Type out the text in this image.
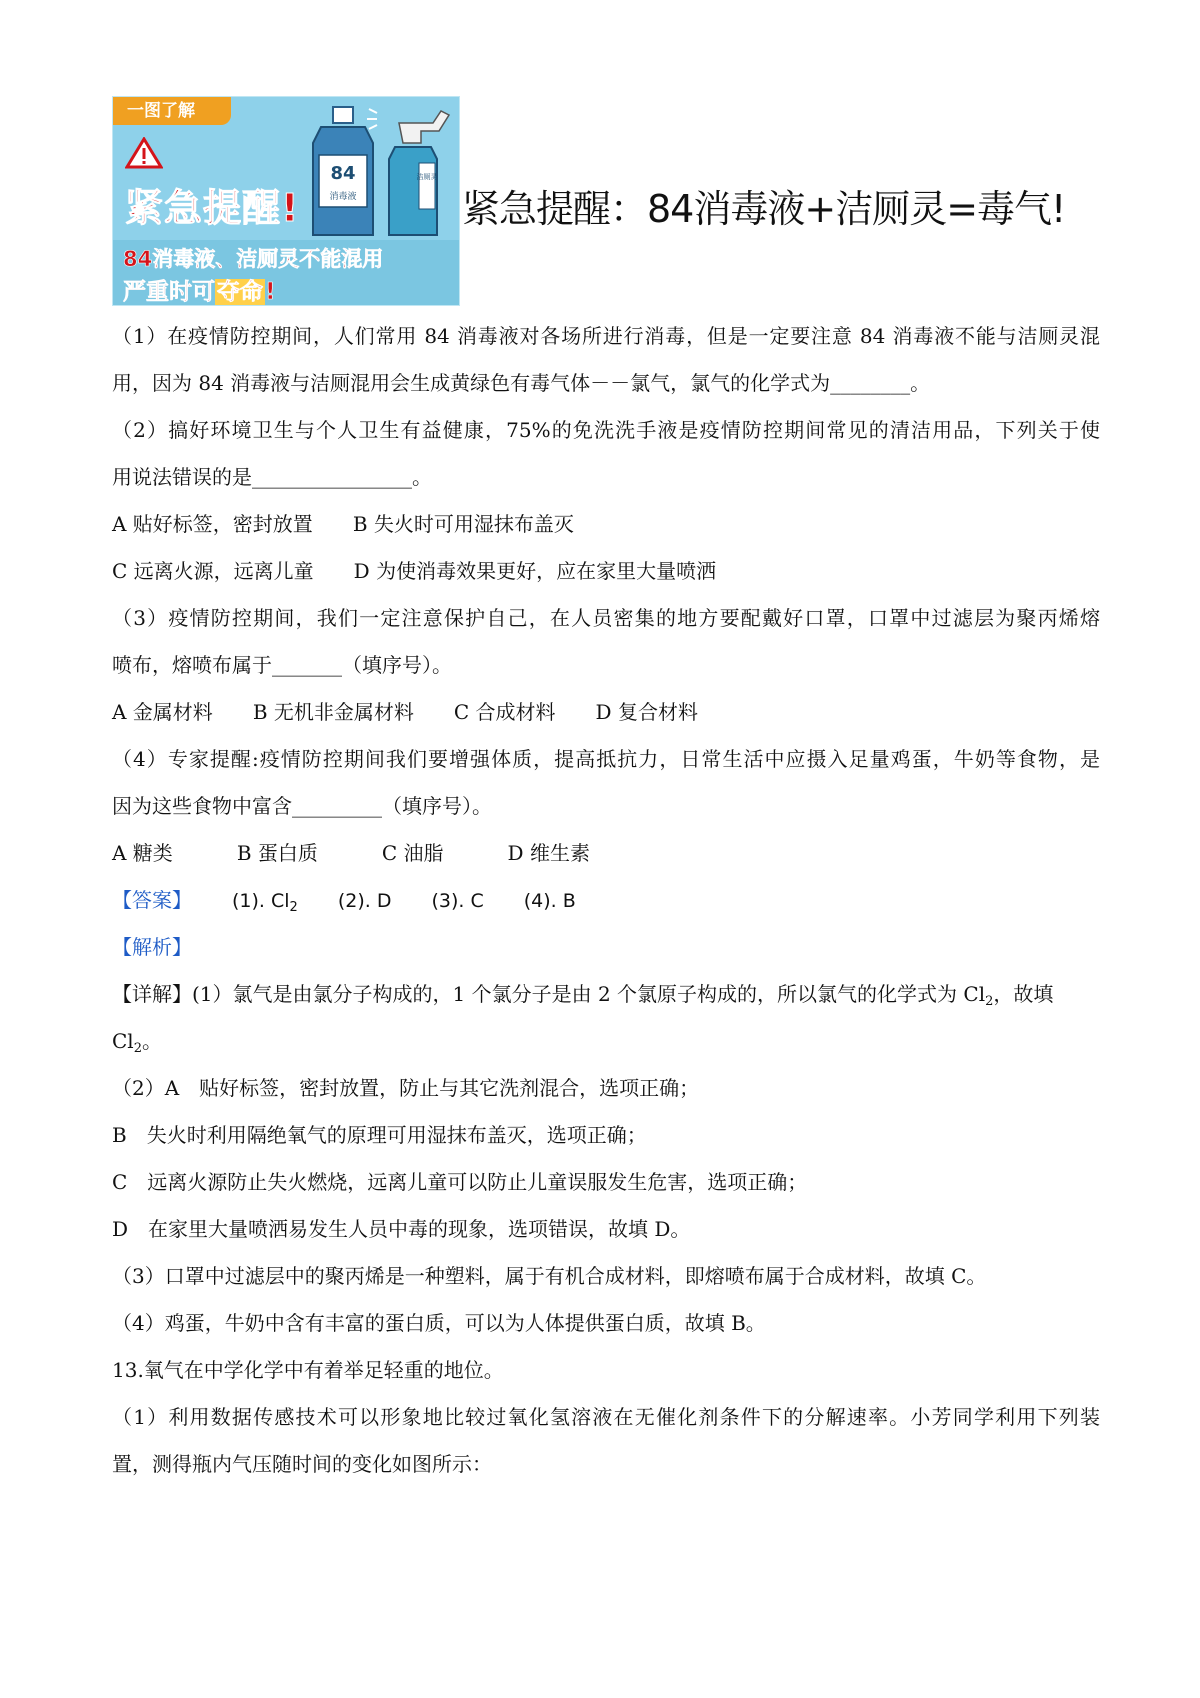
一图了解
紧急提醒!
84
消毒液
洁厕灵
84消毒液、洁厕灵不能混用
严重时可夺命!
紧急提醒：84消毒液+洁厕灵=毒气!
（1）在疫情防控期间，人们常用 84 消毒液对各场所进行消毒，但是一定要注意 84 消毒液不能与洁厕灵混
用，因为 84 消毒液与洁厕混用会生成黄绿色有毒气体－－氯气，氯气的化学式为________。
（2）搞好环境卫生与个人卫生有益健康，75%的免洗洗手液是疫情防控期间常见的清洁用品，下列关于使
用说法错误的是________________。
A 贴好标签，密封放置 B 失火时可用湿抹布盖灭
C 远离火源，远离儿童 D 为使消毒效果更好，应在家里大量喷洒
（3）疫情防控期间，我们一定注意保护自己，在人员密集的地方要配戴好口罩，口罩中过滤层为聚丙烯熔
喷布，熔喷布属于_______（填序号）。
A 金属材料 B 无机非金属材料 C 合成材料 D 复合材料
（4）专家提醒:疫情防控期间我们要增强体质，提高抵抗力，日常生活中应摄入足量鸡蛋，牛奶等食物，是
因为这些食物中富含_________（填序号）。
A 糖类	B 蛋白质	C 油脂	D 维生素
【答案】 (1). $Cl_2$ (2). D (3). C (4). B
【解析】
【详解】(1）氯气是由氯分子构成的，1 个氯分子是由 2 个氯原子构成的，所以氯气的化学式为 $Cl_2$，故填
$Cl_2$。
（2）A　贴好标签，密封放置，防止与其它洗剂混合，选项正确；
B　失火时利用隔绝氧气的原理可用湿抹布盖灭，选项正确；
C　远离火源防止失火燃烧，远离儿童可以防止儿童误服发生危害，选项正确；
D　在家里大量喷洒易发生人员中毒的现象，选项错误，故填 D。
（3）口罩中过滤层中的聚丙烯是一种塑料，属于有机合成材料，即熔喷布属于合成材料，故填 C。
（4）鸡蛋，牛奶中含有丰富的蛋白质，可以为人体提供蛋白质，故填 B。
13.氧气在中学化学中有着举足轻重的地位。
（1）利用数据传感技术可以形象地比较过氧化氢溶液在无催化剂条件下的分解速率。小芳同学利用下列装
置，测得瓶内气压随时间的变化如图所示：
